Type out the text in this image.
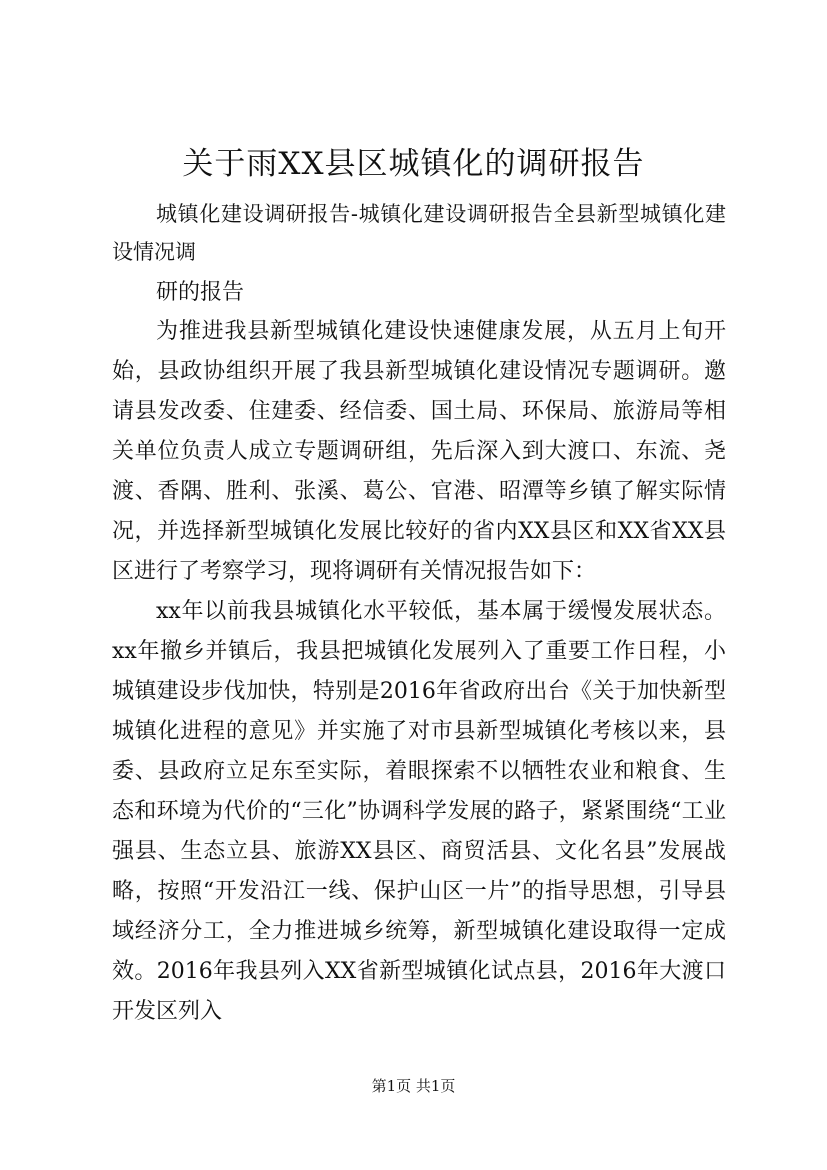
关于雨XX县区城镇化的调研报告

城镇化建设调研报告-城镇化建设调研报告全县新型城镇化建设情况调

研的报告

为推进我县新型城镇化建设快速健康发展，从五月上旬开始，县政协组织开展了我县新型城镇化建设情况专题调研。邀请县发改委、住建委、经信委、国土局、环保局、旅游局等相关单位负责人成立专题调研组，先后深入到大渡口、东流、尧渡、香隅、胜利、张溪、葛公、官港、昭潭等乡镇了解实际情况，并选择新型城镇化发展比较好的省内XX县区和XX省XX县区进行了考察学习，现将调研有关情况报告如下：

xx年以前我县城镇化水平较低，基本属于缓慢发展状态。xx年撤乡并镇后，我县把城镇化发展列入了重要工作日程，小城镇建设步伐加快，特别是2016年省政府出台《关于加快新型城镇化进程的意见》并实施了对市县新型城镇化考核以来，县委、县政府立足东至实际，着眼探索不以牺牲农业和粮食、生态和环境为代价的“三化”协调科学发展的路子，紧紧围绕“工业强县、生态立县、旅游XX县区、商贸活县、文化名县”发展战略，按照“开发沿江一线、保护山区一片”的指导思想，引导县域经济分工，全力推进城乡统筹，新型城镇化建设取得一定成效。2016年我县列入XX省新型城镇化试点县，2016年大渡口开发区列入

第1页 共1页
